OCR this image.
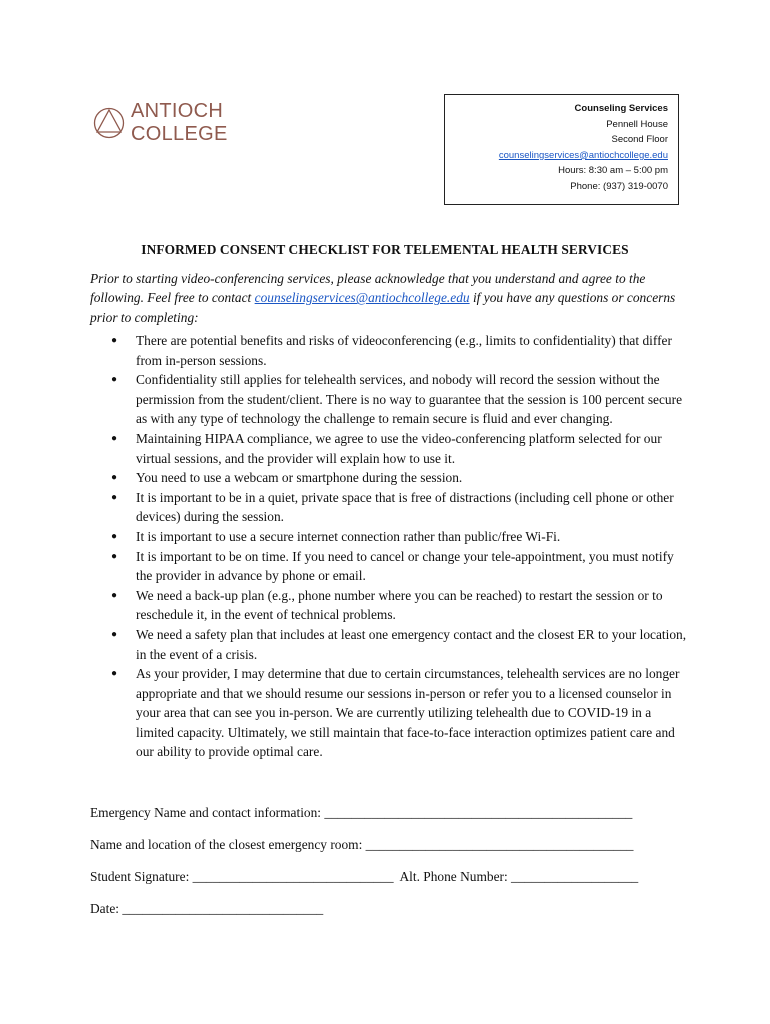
ANTIOCH COLLEGE
Counseling Services
Pennell House
Second Floor
counselingservices@antiochcollege.edu
Hours: 8:30 am – 5:00 pm
Phone: (937) 319-0070
INFORMED CONSENT CHECKLIST FOR TELEMENTAL HEALTH SERVICES

Prior to starting video-conferencing services, please acknowledge that you understand and agree to the following. Feel free to contact counselingservices@antiochcollege.edu if you have any questions or concerns prior to completing:

● There are potential benefits and risks of videoconferencing (e.g., limits to confidentiality) that differ from in-person sessions.
● Confidentiality still applies for telehealth services, and nobody will record the session without the permission from the student/client. There is no way to guarantee that the session is 100 percent secure as with any type of technology the challenge to remain secure is fluid and ever changing.
● Maintaining HIPAA compliance, we agree to use the video-conferencing platform selected for our virtual sessions, and the provider will explain how to use it.
● You need to use a webcam or smartphone during the session.
● It is important to be in a quiet, private space that is free of distractions (including cell phone or other devices) during the session.
● It is important to use a secure internet connection rather than public/free Wi-Fi.
● It is important to be on time. If you need to cancel or change your tele-appointment, you must notify the provider in advance by phone or email.
● We need a back-up plan (e.g., phone number where you can be reached) to restart the session or to reschedule it, in the event of technical problems.
● We need a safety plan that includes at least one emergency contact and the closest ER to your location, in the event of a crisis.
● As your provider, I may determine that due to certain circumstances, telehealth services are no longer appropriate and that we should resume our sessions in-person or refer you to a licensed counselor in your area that can see you in-person. We are currently utilizing telehealth due to COVID-19 in a limited capacity. Ultimately, we still maintain that face-to-face interaction optimizes patient care and our ability to provide optimal care.
Emergency Name and contact information: ______________________________________________
Name and location of the closest emergency room: ________________________________________
Student Signature: ______________________________  Alt. Phone Number: ___________________
Date: ______________________________
